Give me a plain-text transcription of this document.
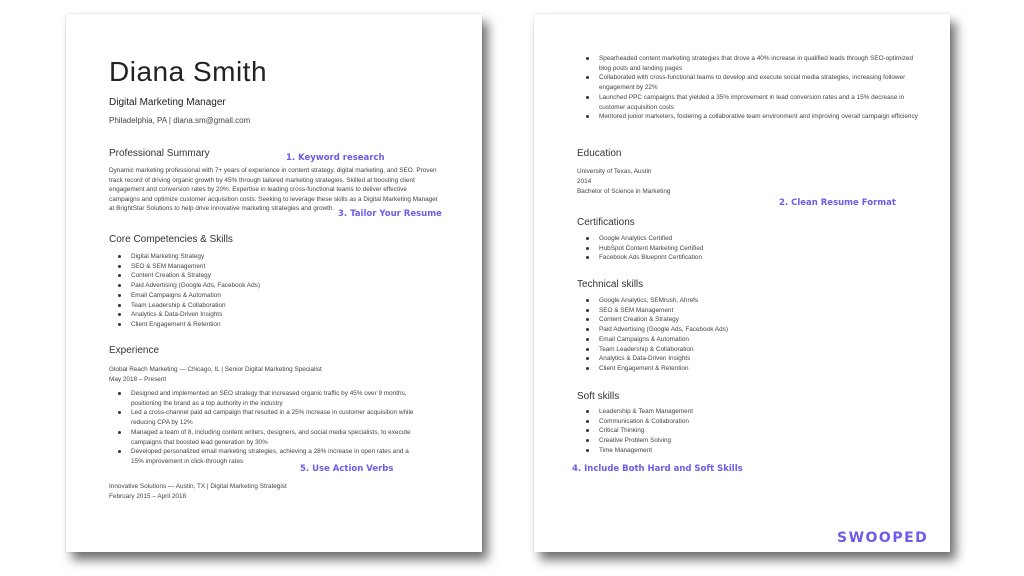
Diana Smith
Digital Marketing Manager
Philadelphia, PA | diana.sm@gmail.com
Professional Summary
Dynamic marketing professional with 7+ years of experience in content strategy, digital marketing, and SEO. Proven track record of driving organic growth by 45% through tailored marketing strategies. Skilled at boosting client engagement and conversion rates by 20%. Expertise in leading cross-functional teams to deliver effective campaigns and optimize customer acquisition costs. Seeking to leverage these skills as a Digital Marketing Manager at BrightStar Solutions to help drive innovative marketing strategies and growth.
Core Competencies & Skills
Digital Marketing Strategy
SEO & SEM Management
Content Creation & Strategy
Paid Advertising (Google Ads, Facebook Ads)
Email Campaigns & Automation
Team Leadership & Collaboration
Analytics & Data-Driven Insights
Client Engagement & Retention
Experience
Global Reach Marketing — Chicago, IL | Senior Digital Marketing Specialist
May 2018 – Present
Designed and implemented an SEO strategy that increased organic traffic by 45% over 9 months, positioning the brand as a top authority in the industry
Led a cross-channel paid ad campaign that resulted in a 25% increase in customer acquisition while reducing CPA by 12%
Managed a team of 8, including content writers, designers, and social media specialists, to execute campaigns that boosted lead generation by 30%
Developed personalized email marketing strategies, achieving a 28% increase in open rates and a 15% improvement in click-through rates
Innovative Solutions — Austin, TX | Digital Marketing Strategist
February 2015 – April 2018
Spearheaded content marketing strategies that drove a 40% increase in qualified leads through SEO-optimized blog posts and landing pages
Collaborated with cross-functional teams to develop and execute social media strategies, increasing follower engagement by 22%
Launched PPC campaigns that yielded a 35% improvement in lead conversion rates and a 15% decrease in customer acquisition costs
Mentored junior marketers, fostering a collaborative team environment and improving overall campaign efficiency
Education
University of Texas, Austin
2014
Bachelor of Science in Marketing
Certifications
Google Analytics Certified
HubSpot Content Marketing Certified
Facebook Ads Blueprint Certification
Technical skills
Google Analytics, SEMrush, Ahrefs
SEO & SEM Management
Content Creation & Strategy
Paid Advertising (Google Ads, Facebook Ads)
Email Campaigns & Automation
Team Leadership & Collaboration
Analytics & Data-Driven Insights
Client Engagement & Retention
Soft skills
Leadership & Team Management
Communication & Collaboration
Critical Thinking
Creative Problem Solving
Time Management
1. Keyword research
3. Tailor Your Resume
5. Use Action Verbs
2. Clean Resume Format
4. Include Both Hard and Soft Skills
SWOOPED
